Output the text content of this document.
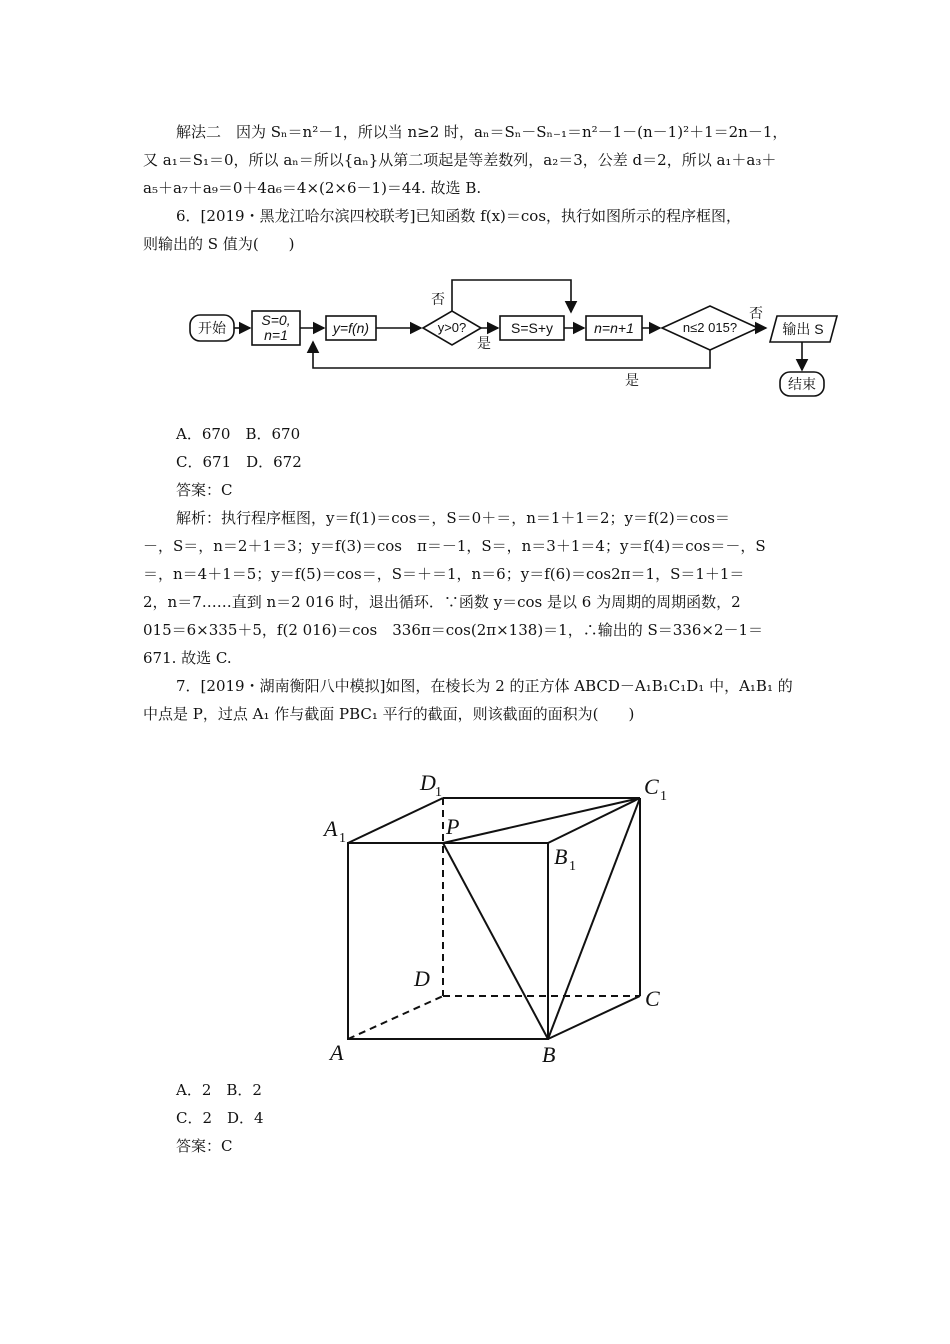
解法二　因为 Sₙ＝n²－1，所以当 n≥2 时，aₙ＝Sₙ－Sₙ₋₁＝n²－1－(n－1)²＋1＝2n－1，
又 a₁＝S₁＝0，所以 aₙ＝所以{aₙ}从第二项起是等差数列，a₂＝3，公差 d＝2，所以 a₁＋a₃＋
a₅＋a₇＋a₉＝0＋4a₆＝4×(2×6－1)＝44. 故选 B.
6．[2019・黑龙江哈尔滨四校联考]已知函数 f(x)＝cos，执行如图所示的程序框图，
则输出的 S 值为(　　)
开始	S=0,
n=1	y=f(n)	y>0?
否
是
S=S+y	n=n+1	n≤2 015?
否
是
输出 S
结束
A．670　B．670
C．671　D．672
答案：C
解析：执行程序框图，y＝f(1)＝cos＝，S＝0＋＝，n＝1＋1＝2；y＝f(2)＝cos＝
－，S＝，n＝2＋1＝3；y＝f(3)＝cos　π＝－1，S＝，n＝3＋1＝4；y＝f(4)＝cos＝－，S
＝，n＝4＋1＝5；y＝f(5)＝cos＝，S＝＋＝1，n＝6；y＝f(6)＝cos2π＝1，S＝1＋1＝
2，n＝7……直到 n＝2 016 时，退出循环．∵函数 y＝cos 是以 6 为周期的周期函数，2
015＝6×335＋5，f(2 016)＝cos　336π＝cos(2π×138)＝1，∴输出的 S＝336×2－1＝
671. 故选 C.
7．[2019・湖南衡阳八中模拟]如图，在棱长为 2 的正方体 ABCD－A₁B₁C₁D₁ 中，A₁B₁ 的
中点是 P，过点 A₁ 作与截面 PBC₁ 平行的截面，则该截面的面积为(　　)
D 1	C 1
A 1	P
B 1
D
C
A	B
A．2　B．2
C．2　D．4
答案：C
